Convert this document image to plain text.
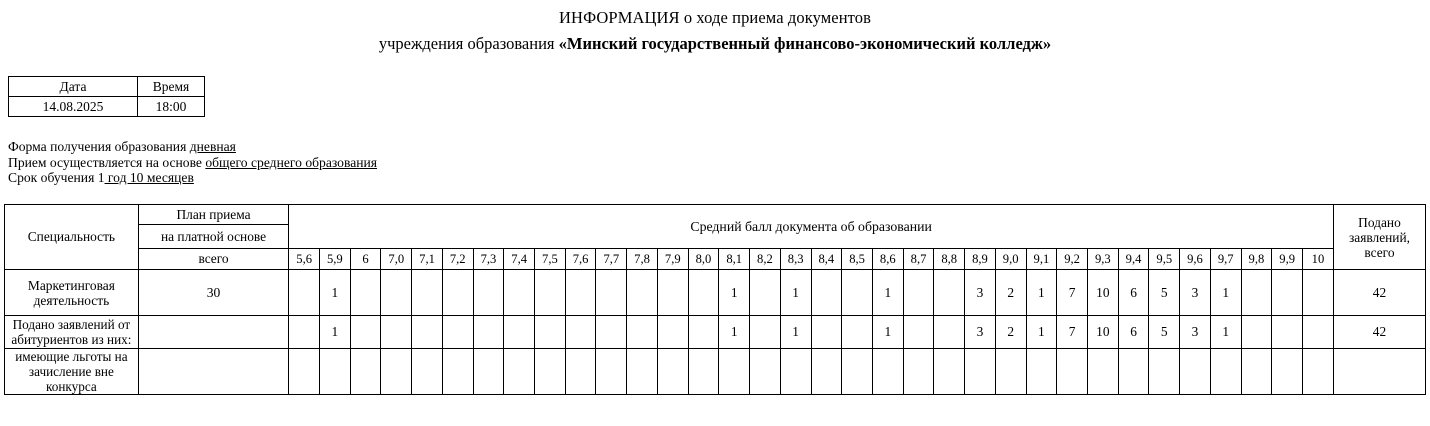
ИНФОРМАЦИЯ о ходе приема документов
учреждения образования «Минский государственный финансово-экономический колледж»
Дата	Время
14.08.2025	18:00
Форма получения образования дневная
Прием осуществляется на основе общего среднего образования
Срок обучения 1 год 10 месяцев
Специальность	План приема	Средний балл документа об образовании																																		Подано заявлений, всего
	на платной основе																																			
	всего	5,6	5,9	6	7,0	7,1	7,2	7,3	7,4	7,5	7,6	7,7	7,8	7,9	8,0	8,1	8,2	8,3	8,4	8,5	8,6	8,7	8,8	8,9	9,0	9,1	9,2	9,3	9,4	9,5	9,6	9,7	9,8	9,9	10	
Маркетинговая деятельность	30		1													1		1			1			3	2	1	7	10	6	5	3	1				42
Подано заявлений от абитуриентов из них:			1													1		1			1			3	2	1	7	10	6	5	3	1				42
имеющие льготы на зачисление вне конкурса																																				
